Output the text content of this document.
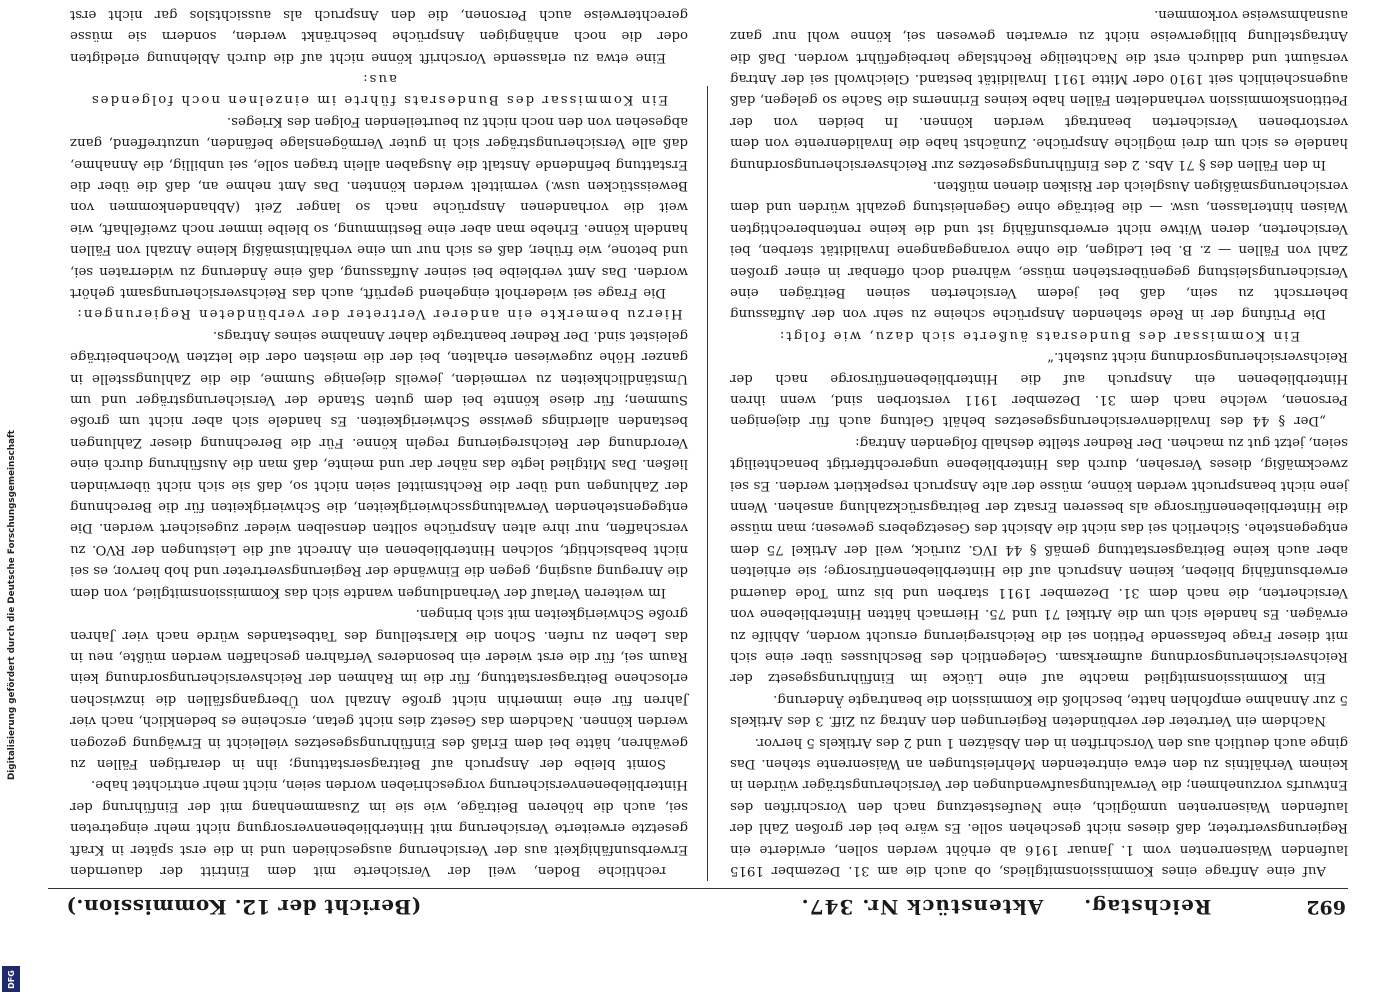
692
Reichstag.
Aktenstück Nr. 347.
(Bericht der 12. Kommission.)

Auf eine Anfrage eines Kommissionsmitglieds, ob auch die am 31. Dezember 1915 laufenden Waisenrenten vom 1. Januar 1916 ab erhöht werden sollen, erwiderte ein Regierungsvertreter, daß dieses nicht geschehen solle. Es wäre bei der großen Zahl der laufenden Waisenrenten unmöglich, eine Neufestsetzung nach den Vorschriften des Entwurfs vorzunehmen; die Verwaltungsaufwendungen der Versicherungsträger würden in keinem Verhältnis zu den etwa eintretenden Mehrleistungen an Waisenrente stehen. Das ginge auch deutlich aus den Vorschriften in den Absätzen 1 und 2 des Artikels 5 hervor.

Nachdem ein Vertreter der verbündeten Regierungen den Antrag zu Ziff. 3 des Artikels 5 zur Annahme empfohlen hatte, beschloß die Kommission die beantragte Änderung.

Ein Kommissionsmitglied machte auf eine Lücke im Einführungsgesetz der Reichsversicherungsordnung aufmerksam. Gelegentlich des Beschlusses über eine sich mit dieser Frage befassende Petition sei die Reichsregierung ersucht worden, Abhilfe zu erwägen. Es handele sich um die Artikel 71 und 75. Hiernach hätten Hinterbliebene von Versicherten, die nach dem 31. Dezember 1911 starben und bis zum Tode dauernd erwerbsunfähig blieben, keinen Anspruch auf die Hinterbliebenenfürsorge; sie erhielten aber auch keine Beitragserstattung gemäß § 44 IVG. zurück, weil der Artikel 75 dem entgegenstehe. Sicherlich sei das nicht die Absicht des Gesetzgebers gewesen; man müsse die Hinterbliebenenfürsorge als besseren Ersatz der Beitragsrückzahlung ansehen. Wenn jene nicht beansprucht werden könne, müsse der alte Anspruch respektiert werden. Es sei zweckmäßig, dieses Versehen, durch das Hinterbliebene ungerechtfertigt benachteiligt seien, jetzt gut zu machen. Der Redner stellte deshalb folgenden Antrag:

„Der § 44 des Invalidenversicherungsgesetzes behält Geltung auch für diejenigen Personen, welche nach dem 31. Dezember 1911 verstorben sind, wenn ihren Hinterbliebenen ein Anspruch auf die Hinterbliebenenfürsorge nach der Reichsversicherungsordnung nicht zusteht.“

Ein Kommissar des Bundesrats äußerte sich dazu, wie folgt:

Die Prüfung der in Rede stehenden Ansprüche scheine zu sehr von der Auffassung beherrscht zu sein, daß bei jedem Versicherten seinen Beiträgen eine Versicherungsleistung gegenüberstehen müsse, während doch offenbar in einer großen Zahl von Fällen — z. B. bei Ledigen, die ohne vorangegangene Invalidität sterben, bei Versicherten, deren Witwe nicht erwerbsunfähig ist und die keine rentenberechtigten Waisen hinterlassen, usw. — die Beiträge ohne Gegenleistung gezahlt würden und dem versicherungsmäßigen Ausgleich der Risiken dienen müßten.

In den Fällen des § 71 Abs. 2 des Einführungsgesetzes zur Reichsversicherungsordnung handele es sich um drei mögliche Ansprüche. Zunächst habe die Invalidenrente von dem verstorbenen Versicherten beantragt werden können. In beiden von der Petitionskommission verhandelten Fällen habe keines Erinnerns die Sache so gelegen, daß augenscheinlich seit 1910 oder Mitte 1911 Invalidität bestand. Gleichwohl sei der Antrag versäumt und dadurch erst die Nachteilige Rechtslage herbeigeführt worden. Daß die Antragstellung billigerweise nicht zu erwarten gewesen sei, könne wohl nur ganz ausnahmsweise vorkommen.

rechtliche Boden, weil der Versicherte mit dem Eintritt der dauernden Erwerbsunfähigkeit aus der Versicherung ausgeschieden und in die erst später in Kraft gesetzte erweiterte Versicherung mit Hinterbliebenenversorgung nicht mehr eingetreten sei, auch die höheren Beiträge, wie sie im Zusammenhang mit der Einführung der Hinterbliebenenversicherung vorgeschrieben worden seien, nicht mehr entrichtet habe.

Somit bleibe der Anspruch auf Beitragserstattung; ihn in derartigen Fällen zu gewähren, hätte bei dem Erlaß des Einführungsgesetzes vielleicht in Erwägung gezogen werden können. Nachdem das Gesetz dies nicht getan, erscheine es bedenklich, nach vier Jahren für eine immerhin nicht große Anzahl von Übergangsfällen die inzwischen erloschene Beitragserstattung, für die im Rahmen der Reichsversicherungsordnung kein Raum sei, für die erst wieder ein besonderes Verfahren geschaffen werden müßte, neu in das Leben zu rufen. Schon die Klarstellung des Tatbestandes würde nach vier Jahren große Schwierigkeiten mit sich bringen.

Im weiteren Verlauf der Verhandlungen wandte sich das Kommissionsmitglied, von dem die Anregung ausging, gegen die Einwände der Regierungsvertreter und hob hervor, es sei nicht beabsichtigt, solchen Hinterbliebenen ein Anrecht auf die Leistungen der RVO. zu verschaffen, nur ihre alten Ansprüche sollten denselben wieder zugesichert werden. Die entgegenstehenden Verwaltungsschwierigkeiten, die Schwierigkeiten für die Berechnung der Zahlungen und über die Rechtsmittel seien nicht so, daß sie sich nicht überwinden ließen. Das Mitglied legte das näher dar und meinte, daß man die Ausführung durch eine Verordnung der Reichsregierung regeln könne. Für die Berechnung dieser Zahlungen bestanden allerdings gewisse Schwierigkeiten. Es handele sich aber nicht um große Summen; für diese könnte bei dem guten Stande der Versicherungsträger und um Umständlichkeiten zu vermeiden, jeweils diejenige Summe, die die Zahlungsstelle in ganzer Höhe zugewiesen erhalten, bei der die meisten oder die letzten Wochenbeiträge geleistet sind. Der Redner beantragte daher Annahme seines Antrags.

Hierzu bemerkte ein anderer Vertreter der verbündeten Regierungen:

Die Frage sei wiederholt eingehend geprüft, auch das Reichsversicherungsamt gehört worden. Das Amt verbleibe bei seiner Auffassung, daß eine Änderung zu widerraten sei, und betone, wie früher, daß es sich nur um eine verhältnismäßig kleine Anzahl von Fällen handeln könne. Erhebe man aber eine Bestimmung, so bleibe immer noch zweifelhaft, wie weit die vorhandenen Ansprüche nach so langer Zeit (Abhandenkommen von Beweisstücken usw.) vermittelt werden könnten. Das Amt nehme an, daß die über die Erstattung befindende Anstalt die Ausgaben allein tragen solle, sei unbillig, die Annahme, daß alle Versicherungsträger sich in guter Vermögenslage befänden, unzutreffend, ganz abgesehen von den noch nicht zu beurteilenden Folgen des Krieges.

Ein Kommissar des Bundesrats führte im einzelnen noch folgendes aus:

Eine etwa zu erlassende Vorschrift könne nicht auf die durch Ablehnung erledigten oder die noch anhängigen Ansprüche beschränkt werden, sondern sie müsse gerechterweise auch Personen, die den Anspruch als aussichtslos gar nicht erst

Digitalisierung gefördert durch die Deutsche Forschungsgemeinschaft
DFG
